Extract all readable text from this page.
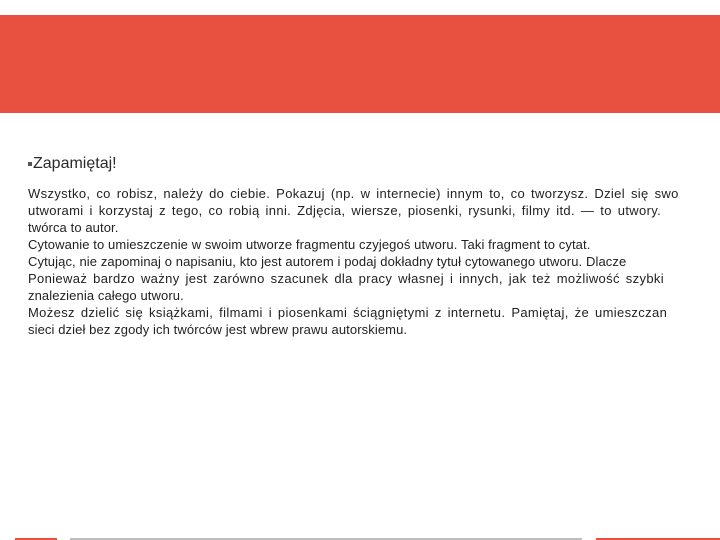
Zapamiętaj!

Wszystko, co robisz, należy do ciebie. Pokazuj (np. w internecie) innym to, co tworzysz. Dziel się swo

utworami i korzystaj z tego, co robią inni. Zdjęcia, wiersze, piosenki, rysunki, filmy itd. — to utwory.

twórca to autor.

Cytowanie to umieszczenie w swoim utworze fragmentu czyjegoś utworu. Taki fragment to cytat.

Cytując, nie zapominaj o napisaniu, kto jest autorem i podaj dokładny tytuł cytowanego utworu. Dlacze

Ponieważ bardzo ważny jest zarówno szacunek dla pracy własnej i innych, jak też możliwość szybki

znalezienia całego utworu.

Możesz dzielić się książkami, filmami i piosenkami ściągniętymi z internetu. Pamiętaj, że umieszczan

sieci dzieł bez zgody ich twórców jest wbrew prawu autorskiemu.
